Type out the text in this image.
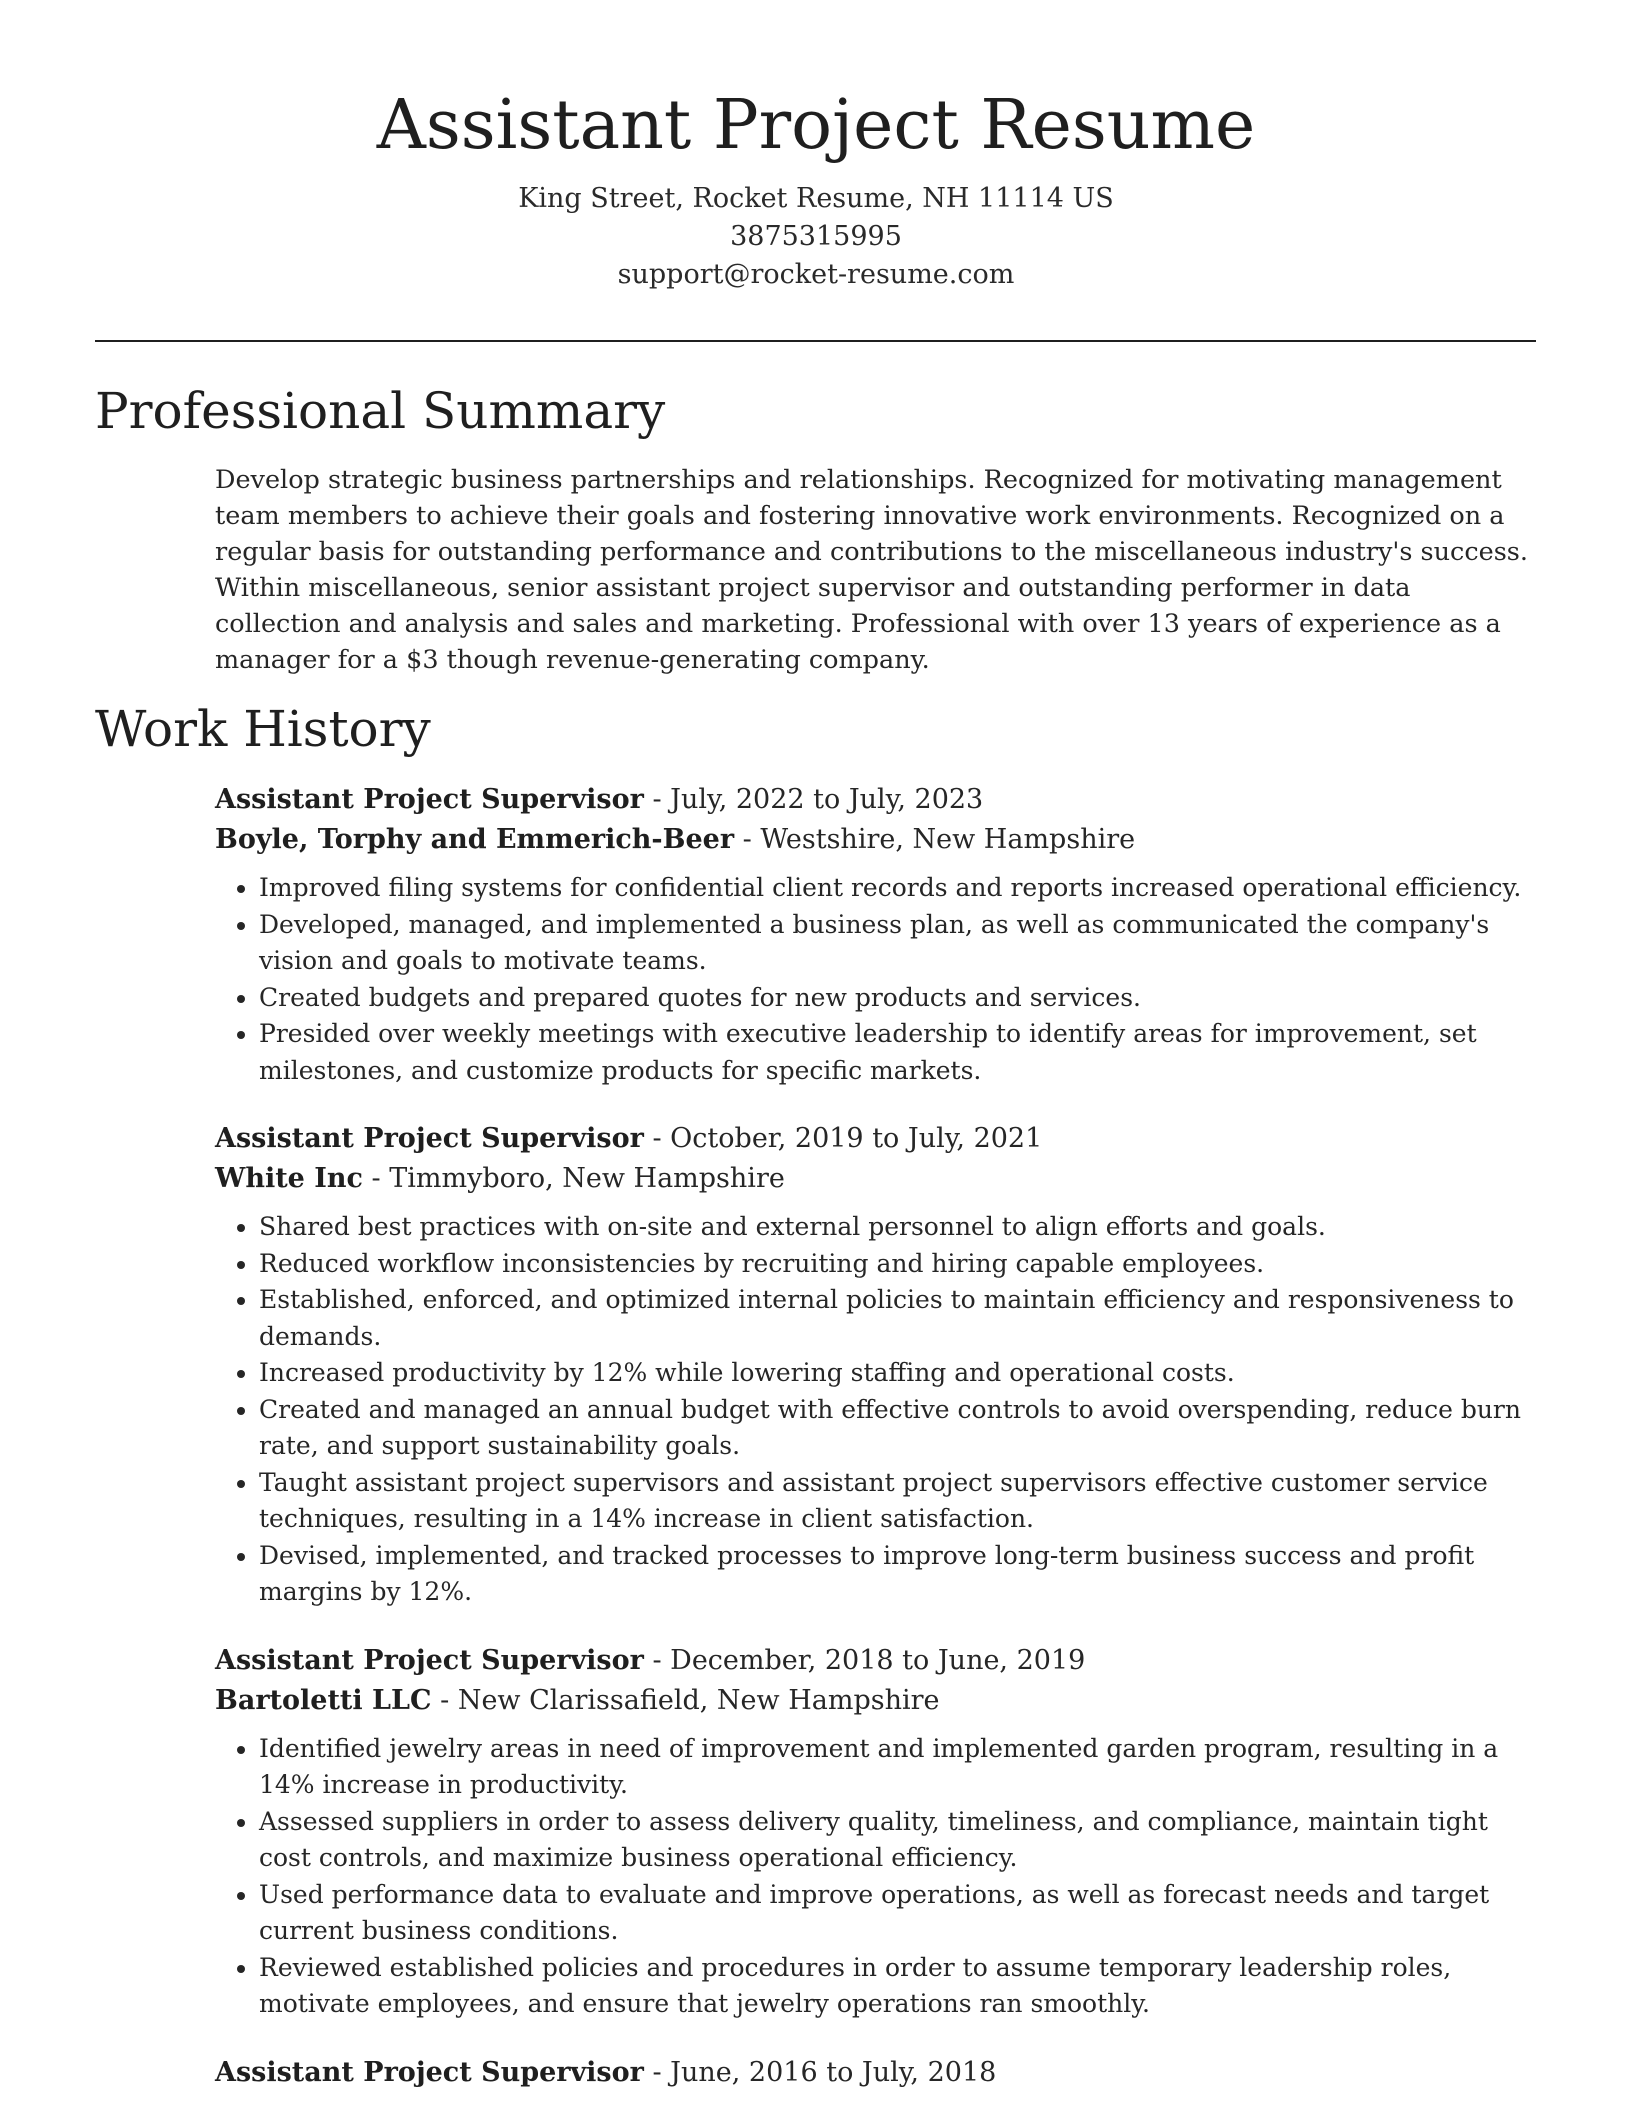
Assistant Project Resume
King Street, Rocket Resume, NH 11114 US
3875315995
support@rocket-resume.com
Professional Summary

Develop strategic business partnerships and relationships. Recognized for motivating management team members to achieve their goals and fostering innovative work environments. Recognized on a regular basis for outstanding performance and contributions to the miscellaneous industry's success. Within miscellaneous, senior assistant project supervisor and outstanding performer in data collection and analysis and sales and marketing. Professional with over 13 years of experience as a manager for a $3 though revenue-generating company.

Work History
Assistant Project Supervisor - July, 2022 to July, 2023
Boyle, Torphy and Emmerich-Beer - Westshire, New Hampshire
• Improved filing systems for confidential client records and reports increased operational efficiency.
• Developed, managed, and implemented a business plan, as well as communicated the company's vision and goals to motivate teams.
• Created budgets and prepared quotes for new products and services.
• Presided over weekly meetings with executive leadership to identify areas for improvement, set milestones, and customize products for specific markets.
Assistant Project Supervisor - October, 2019 to July, 2021
White Inc - Timmyboro, New Hampshire
• Shared best practices with on-site and external personnel to align efforts and goals.
• Reduced workflow inconsistencies by recruiting and hiring capable employees.
• Established, enforced, and optimized internal policies to maintain efficiency and responsiveness to demands.
• Increased productivity by 12% while lowering staffing and operational costs.
• Created and managed an annual budget with effective controls to avoid overspending, reduce burn rate, and support sustainability goals.
• Taught assistant project supervisors and assistant project supervisors effective customer service techniques, resulting in a 14% increase in client satisfaction.
• Devised, implemented, and tracked processes to improve long-term business success and profit margins by 12%.
Assistant Project Supervisor - December, 2018 to June, 2019
Bartoletti LLC - New Clarissafield, New Hampshire
• Identified jewelry areas in need of improvement and implemented garden program, resulting in a 14% increase in productivity.
• Assessed suppliers in order to assess delivery quality, timeliness, and compliance, maintain tight cost controls, and maximize business operational efficiency.
• Used performance data to evaluate and improve operations, as well as forecast needs and target current business conditions.
• Reviewed established policies and procedures in order to assume temporary leadership roles, motivate employees, and ensure that jewelry operations ran smoothly.
Assistant Project Supervisor - June, 2016 to July, 2018
